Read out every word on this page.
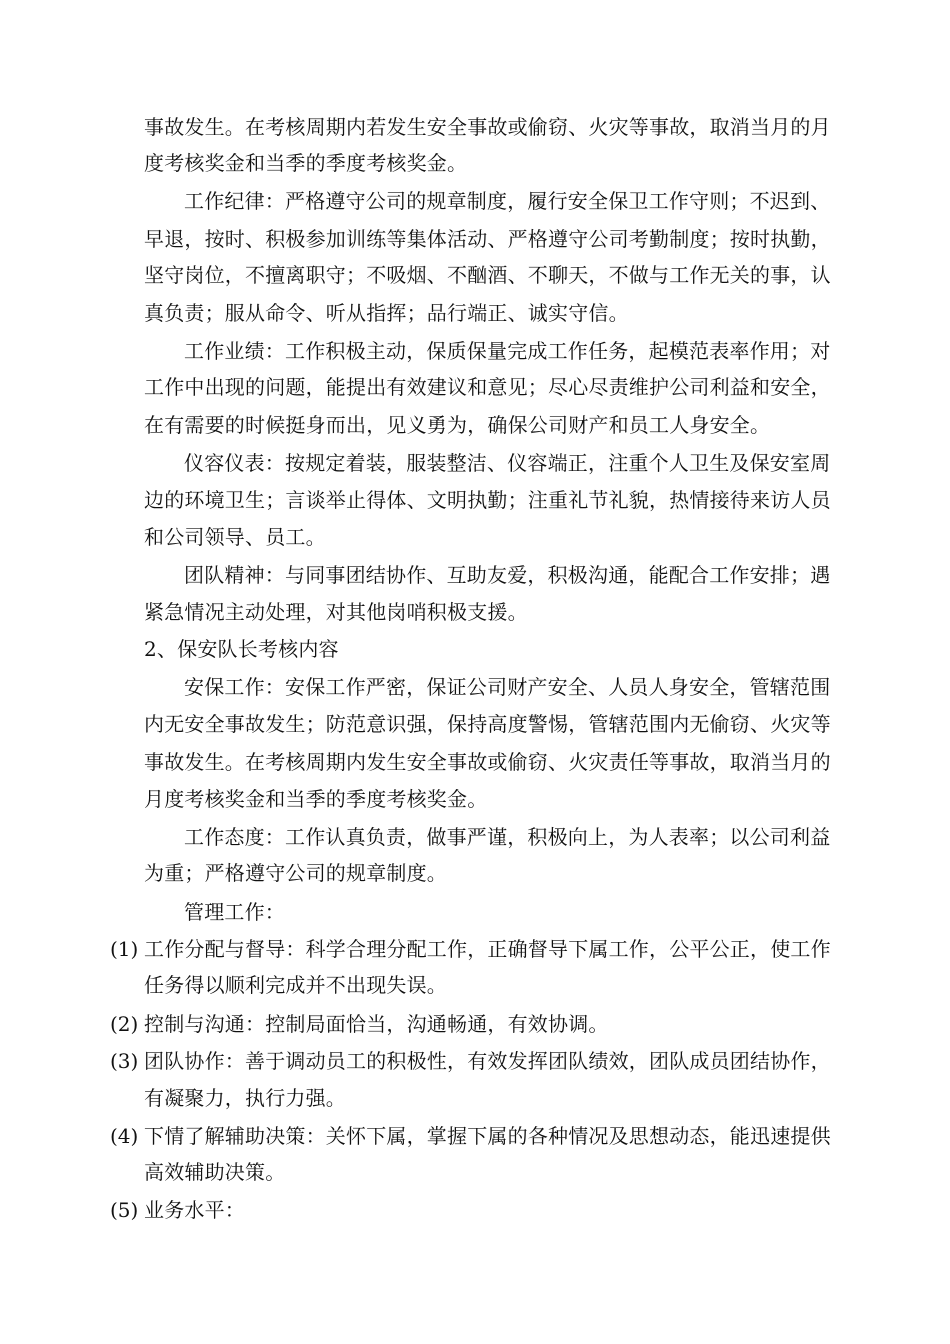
事故发生。在考核周期内若发生安全事故或偷窃、火灾等事故，取消当月的月
度考核奖金和当季的季度考核奖金。
工作纪律：严格遵守公司的规章制度，履行安全保卫工作守则；不迟到、
早退，按时、积极参加训练等集体活动、严格遵守公司考勤制度；按时执勤，
坚守岗位，不擅离职守；不吸烟、不酗酒、不聊天，不做与工作无关的事，认
真负责；服从命令、听从指挥；品行端正、诚实守信。
工作业绩：工作积极主动，保质保量完成工作任务，起模范表率作用；对
工作中出现的问题，能提出有效建议和意见；尽心尽责维护公司利益和安全，
在有需要的时候挺身而出，见义勇为，确保公司财产和员工人身安全。
仪容仪表：按规定着装，服装整洁、仪容端正，注重个人卫生及保安室周
边的环境卫生；言谈举止得体、文明执勤；注重礼节礼貌，热情接待来访人员
和公司领导、员工。
团队精神：与同事团结协作、互助友爱，积极沟通，能配合工作安排；遇
紧急情况主动处理，对其他岗哨积极支援。
2、保安队长考核内容
安保工作：安保工作严密，保证公司财产安全、人员人身安全，管辖范围
内无安全事故发生；防范意识强，保持高度警惕，管辖范围内无偷窃、火灾等
事故发生。在考核周期内发生安全事故或偷窃、火灾责任等事故，取消当月的
月度考核奖金和当季的季度考核奖金。
工作态度：工作认真负责，做事严谨，积极向上，为人表率；以公司利益
为重；严格遵守公司的规章制度。
管理工作：
(1) 工作分配与督导：科学合理分配工作，正确督导下属工作，公平公正，使工作
任务得以顺利完成并不出现失误。
(2) 控制与沟通：控制局面恰当，沟通畅通，有效协调。
(3) 团队协作：善于调动员工的积极性，有效发挥团队绩效，团队成员团结协作，
有凝聚力，执行力强。
(4) 下情了解辅助决策：关怀下属，掌握下属的各种情况及思想动态，能迅速提供
高效辅助决策。
(5) 业务水平：
